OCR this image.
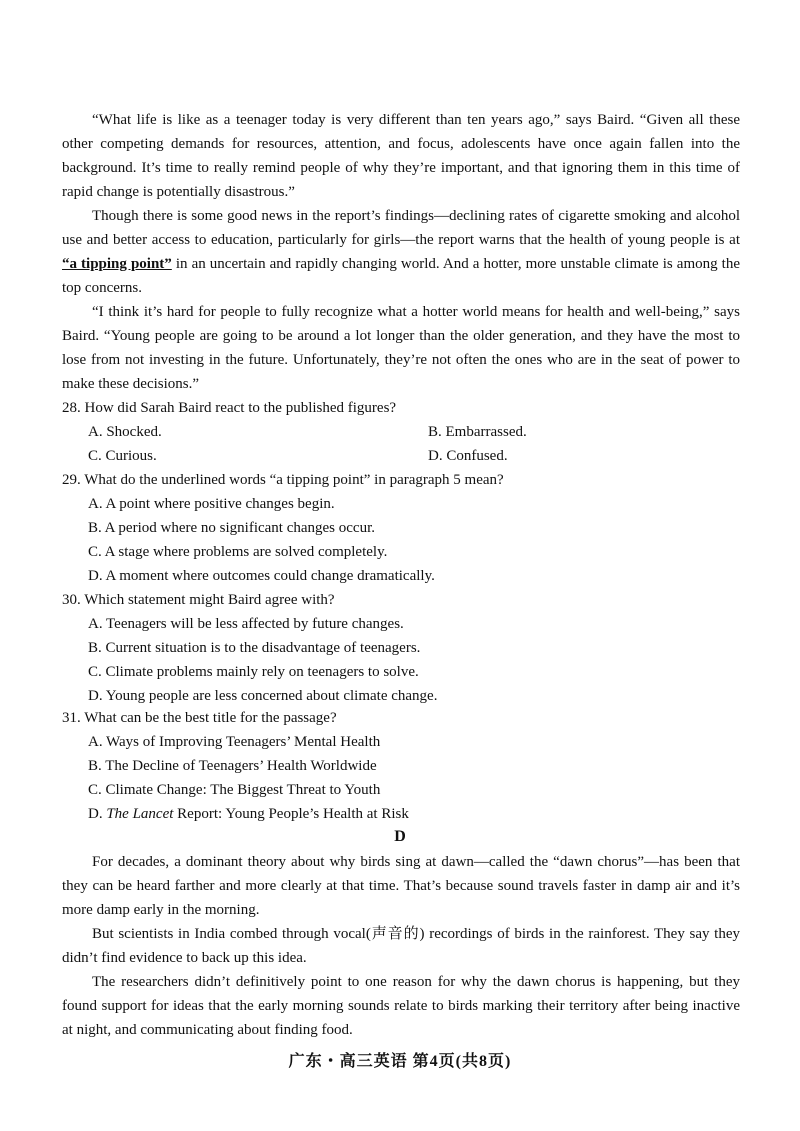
“What life is like as a teenager today is very different than ten years ago,” says Baird. “Given all these other competing demands for resources, attention, and focus, adolescents have once again fallen into the background. It’s time to really remind people of why they’re important, and that ignoring them in this time of rapid change is potentially disastrous.”

Though there is some good news in the report’s findings—declining rates of cigarette smoking and alcohol use and better access to education, particularly for girls—the report warns that the health of young people is at “a tipping point” in an uncertain and rapidly changing world. And a hotter, more unstable climate is among the top concerns.

“I think it’s hard for people to fully recognize what a hotter world means for health and well-being,” says Baird. “Young people are going to be around a lot longer than the older generation, and they have the most to lose from not investing in the future. Unfortunately, they’re not often the ones who are in the seat of power to make these decisions.”

28. How did Sarah Baird react to the published figures?

A. Shocked.	B. Embarrassed.

C. Curious.	D. Confused.

29. What do the underlined words “a tipping point” in paragraph 5 mean?

A. A point where positive changes begin.

B. A period where no significant changes occur.

C. A stage where problems are solved completely.

D. A moment where outcomes could change dramatically.

30. Which statement might Baird agree with?

A. Teenagers will be less affected by future changes.

B. Current situation is to the disadvantage of teenagers.

C. Climate problems mainly rely on teenagers to solve.

D. Young people are less concerned about climate change.

31. What can be the best title for the passage?

A. Ways of Improving Teenagers’ Mental Health

B. The Decline of Teenagers’ Health Worldwide

C. Climate Change: The Biggest Threat to Youth

D. The Lancet Report: Young People’s Health at Risk

D

For decades, a dominant theory about why birds sing at dawn—called the “dawn chorus”—has been that they can be heard farther and more clearly at that time. That’s because sound travels faster in damp air and it’s more damp early in the morning.

But scientists in India combed through vocal(声音的) recordings of birds in the rainforest. They say they didn’t find evidence to back up this idea.

The researchers didn’t definitively point to one reason for why the dawn chorus is happening, but they found support for ideas that the early morning sounds relate to birds marking their territory after being inactive at night, and communicating about finding food.

广东・高三英语 第4页(共8页)
